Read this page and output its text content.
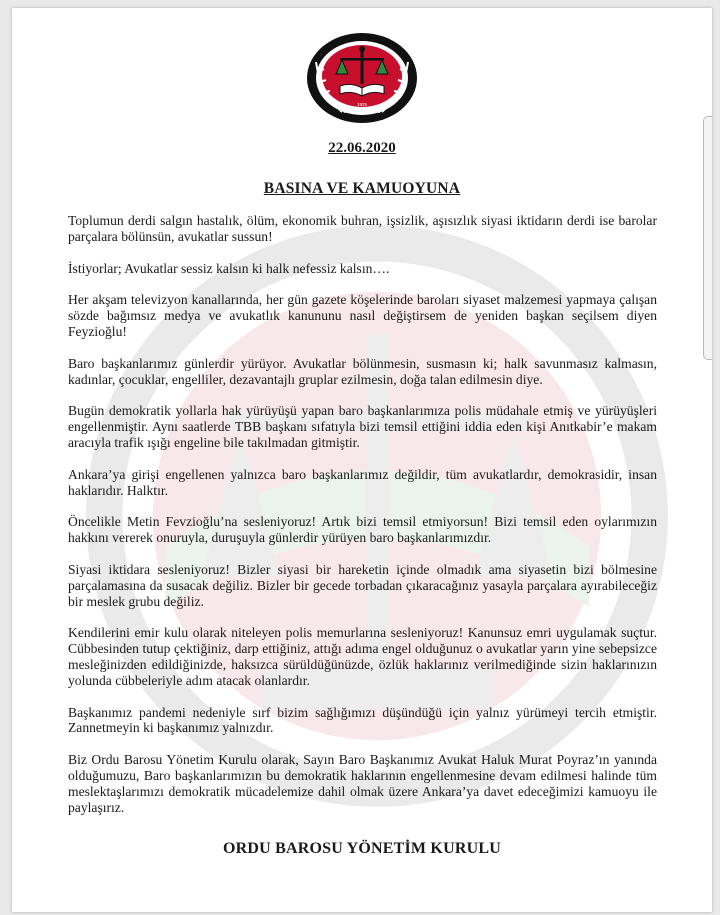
1925
ORDU BAROSU
22.06.2020
BASINA VE KAMUOYUNA

Toplumun derdi salgın hastalık, ölüm, ekonomik buhran, işsizlik, aşısızlık siyasi iktidarın derdi ise barolar parçalara bölünsün, avukatlar sussun!

İstiyorlar; Avukatlar sessiz kalsın ki halk nefessiz kalsın….

Her akşam televizyon kanallarında, her gün gazete köşelerinde baroları siyaset malzemesi yapmaya çalışan sözde bağımsız medya ve avukatlık kanununu nasıl değiştirsem de yeniden başkan seçilsem diyen Feyzioğlu!

Baro başkanlarımız günlerdir yürüyor. Avukatlar bölünmesin, susmasın ki; halk savunmasız kalmasın, kadınlar, çocuklar, engelliler, dezavantajlı gruplar ezilmesin, doğa talan edilmesin diye.

Bugün demokratik yollarla hak yürüyüşü yapan baro başkanlarımıza polis müdahale etmiş ve yürüyüşleri engellenmiştir. Aynı saatlerde TBB başkanı sıfatıyla bizi temsil ettiğini iddia eden kişi Anıtkabir’e makam aracıyla trafik ışığı engeline bile takılmadan gitmiştir.

Ankara’ya girişi engellenen yalnızca baro başkanlarımız değildir, tüm avukatlardır, demokrasidir, insan haklarıdır. Halktır.

Öncelikle Metin Fevzioğlu’na sesleniyoruz! Artık bizi temsil etmiyorsun! Bizi temsil eden oylarımızın hakkını vererek onuruyla, duruşuyla günlerdir yürüyen baro başkanlarımızdır.

Siyasi iktidara sesleniyoruz! Bizler siyasi bir hareketin içinde olmadık ama siyasetin bizi bölmesine parçalamasına da susacak değiliz. Bizler bir gecede torbadan çıkaracağınız yasayla parçalara ayırabileceğiz bir meslek grubu değiliz.

Kendilerini emir kulu olarak niteleyen polis memurlarına sesleniyoruz! Kanunsuz emri uygulamak suçtur. Cübbesinden tutup çektiğiniz, darp ettiğiniz, attığı adıma engel olduğunuz o avukatlar yarın yine sebepsizce mesleğinizden edildiğinizde, haksızca sürüldüğünüzde, özlük haklarınız verilmediğinde sizin haklarınızın yolunda cübbeleriyle adım atacak olanlardır.

Başkanımız pandemi nedeniyle sırf bizim sağlığımızı düşündüğü için yalnız yürümeyi tercih etmiştir. Zannetmeyin ki başkanımız yalnızdır.

Biz Ordu Barosu Yönetim Kurulu olarak, Sayın Baro Başkanımız Avukat Haluk Murat Poyraz’ın yanında olduğumuzu, Baro başkanlarımızın bu demokratik haklarının engellenmesine devam edilmesi halinde tüm meslektaşlarımızı demokratik mücadelemize dahil olmak üzere Ankara’ya davet edeceğimizi kamuoyu ile paylaşırız.

ORDU BAROSU YÖNETİM KURULU
